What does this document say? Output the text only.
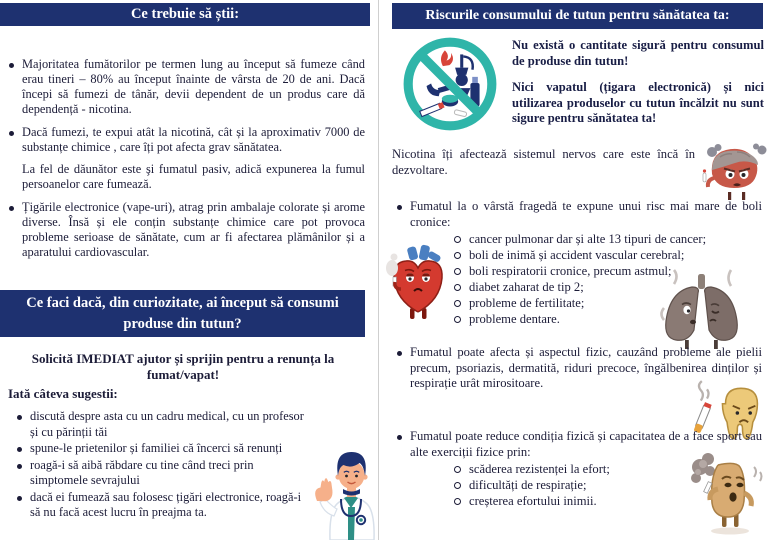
Ce trebuie să știi:
Majoritatea fumătorilor pe termen lung au început să fumeze când erau tineri – 80% au început înainte de vârsta de 20 de ani. Dacă începi să fumezi de tânăr, devii dependent de un produs care dă dependență - nicotina.
Dacă fumezi, te expui atât la nicotină, cât și la aproximativ 7000 de substanțe chimice , care îți pot afecta grav sănătatea.
La fel de dăunător este şi fumatul pasiv, adică expunerea la fumul persoanelor care fumează.
Țigările electronice (vape-uri), atrag prin ambalaje colorate și arome diverse. Însă și ele conțin substanțe chimice care pot provoca probleme serioase de sănătate, cum ar fi afectarea plămânilor și a aparatului cardiovascular.
Ce faci dacă, din curiozitate, ai început să consumi produse din tutun?
Solicită IMEDIAT ajutor și sprijin pentru a renunța la fumat/vapat!
Iată câteva sugestii:
discută despre asta cu un cadru medical, cu un profesor și cu părinții tăi
spune-le prietenilor și familiei că încerci să renunți
roagă-i să aibă răbdare cu tine când treci prin simptomele sevrajului
dacă ei fumează sau folosesc țigări electronice, roagă-i să nu facă acest lucru în preajma ta.
Riscurile consumului de tutun pentru sănătatea ta:
Nu există o cantitate sigură pentru consumul de produse din tutun!
Nici vapatul (țigara electronică) și nici utilizarea produselor cu tutun încălzit nu sunt sigure pentru sănătatea ta!
Nicotina îți afectează sistemul nervos care este încă în dezvoltare.
Fumatul la o vârstă fragedă te expune unui risc mai mare de boli cronice:
cancer pulmonar dar și alte 13 tipuri de cancer;
boli de inimă și accident vascular cerebral;
boli respiratorii cronice, precum astmul;
diabet zaharat de tip 2;
probleme de fertilitate;
probleme dentare.
Fumatul poate afecta și aspectul fizic, cauzând probleme ale pielii precum, psoriazis, dermatită, riduri precoce, îngălbenirea dinților și respirație urât mirositoare.
Fumatul poate reduce condiția fizică și capacitatea de a face sport sau alte exerciții fizice prin:
scăderea rezistenței la efort;
dificultăți de respirație;
creșterea efortului inimii.
